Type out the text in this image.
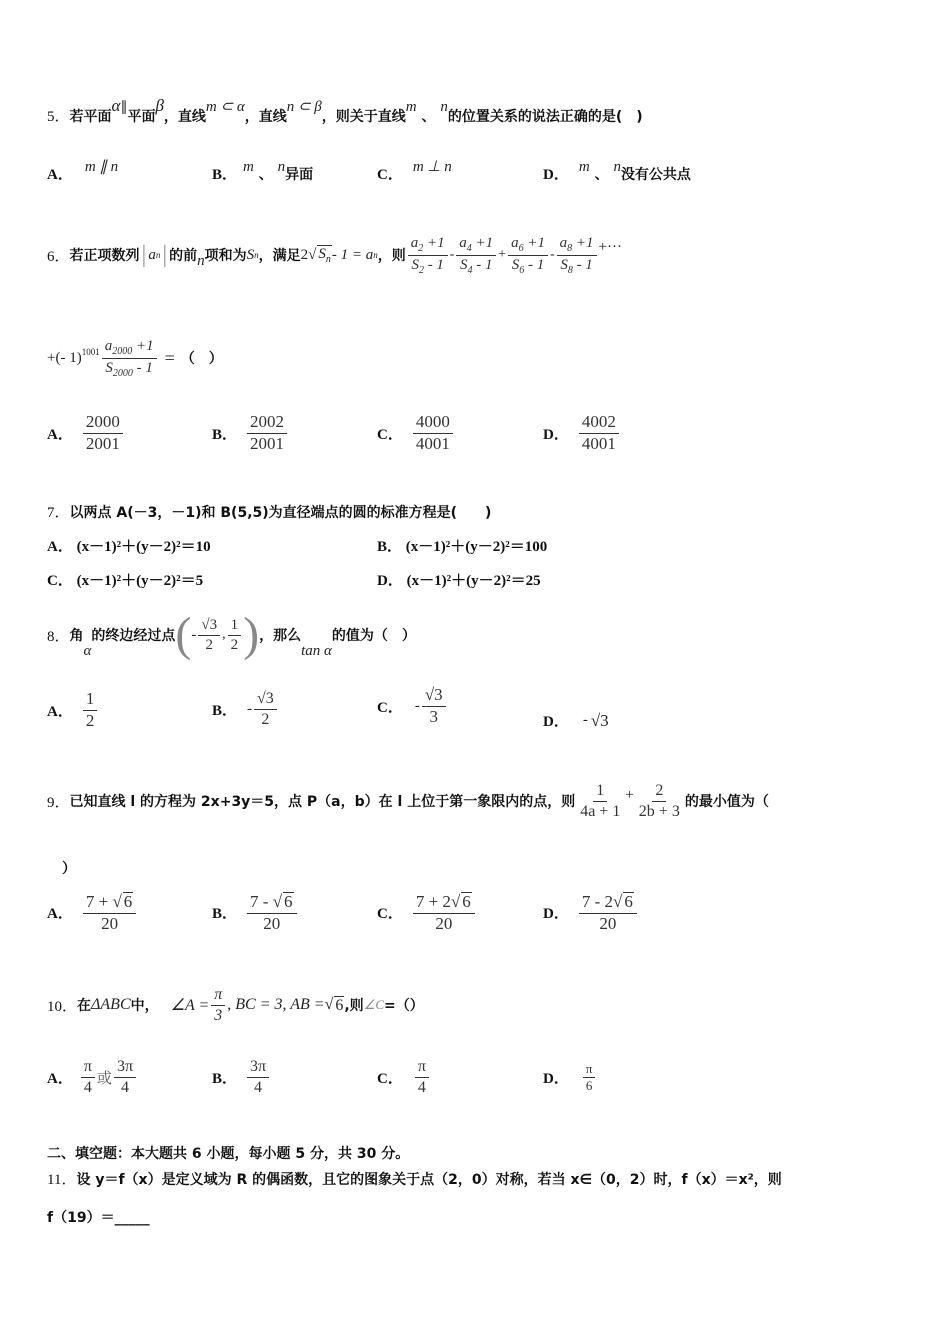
5．若平面α∥平面β，直线m ⊂ α，直线n ⊂ β，则关于直线m 、 n的位置关系的说法正确的是(　)
A． m ∥ n	B． m 、 n异面	C． m ⊥ n	D． m 、 n没有公共点
6． 若正项数列 | a n | 的前 n 项和为 S n ，满足 2 √ $S_n - 1 = a$ n ，则 $\frac{a_2 +1}{S_2 - 1} - \frac{a_4 +1}{S_4 - 1} + \frac{a_6 +1}{S_6 - 1} - \frac{a_8 +1}{S_8 - 1}$ +···
+(- $1)^{1001} \frac{a_{2000} +1}{S_{2000} - 1}$ = （　）
A． $\frac{2000}{2001}$	B． $\frac{2002}{2001}$	C． $\frac{4000}{4001}$	D． $\frac{4002}{4001}$
7．以两点 A(－3，－1)和 B(5,5)为直径端点的圆的标准方程是(　　)
A． (x－1)²＋(y－2)²＝10	B． (x－1)²＋(y－2)²＝100
C． (x－1)²＋(y－2)²＝5	D． (x－1)²＋(y－2)²＝25
8． 角
α
的终边经过点 ( - $\frac{√3}{2}$ , $\frac{1}{2}$ ) ，那么
tan α
的值为（　）
A． $\frac{1}{2}$	B． - $\frac{√3}{2}$	C． - $\frac{√3}{3}$	D． - √3
9． 已知直线 l 的方程为 2x+3y＝5，点 P（a，b）在 l 上位于第一象限内的点，则 $\frac{1}{4a + 1} + \frac{2}{2b + 3}$ 的最小值为（
）
A． $\frac{7 + √ 6}{20}$	B． $\frac{7 - √ 6}{20}$	C． $\frac{7 + 2√ 6}{20}$	D． $\frac{7 - 2√ 6}{20}$
10． 在 ΔABC 中， ∠A = $\frac{\pi}{3}$ , BC = 3, AB = √ 6 ,则 ∠C =（）
A． $\frac{\pi}{4}$ 或 $\frac{3\pi}{4}$	B． $\frac{3\pi}{4}$	C． $\frac{\pi}{4}$	D． $\frac{\pi}{6}$
二、填空题：本大题共 6 小题，每小题 5 分，共 30 分。
11．设 y＝f（x）是定义域为 R 的偶函数，且它的图象关于点（2，0）对称，若当 x∈（0，2）时，f（x）＝x²，则
f（19）＝_____
